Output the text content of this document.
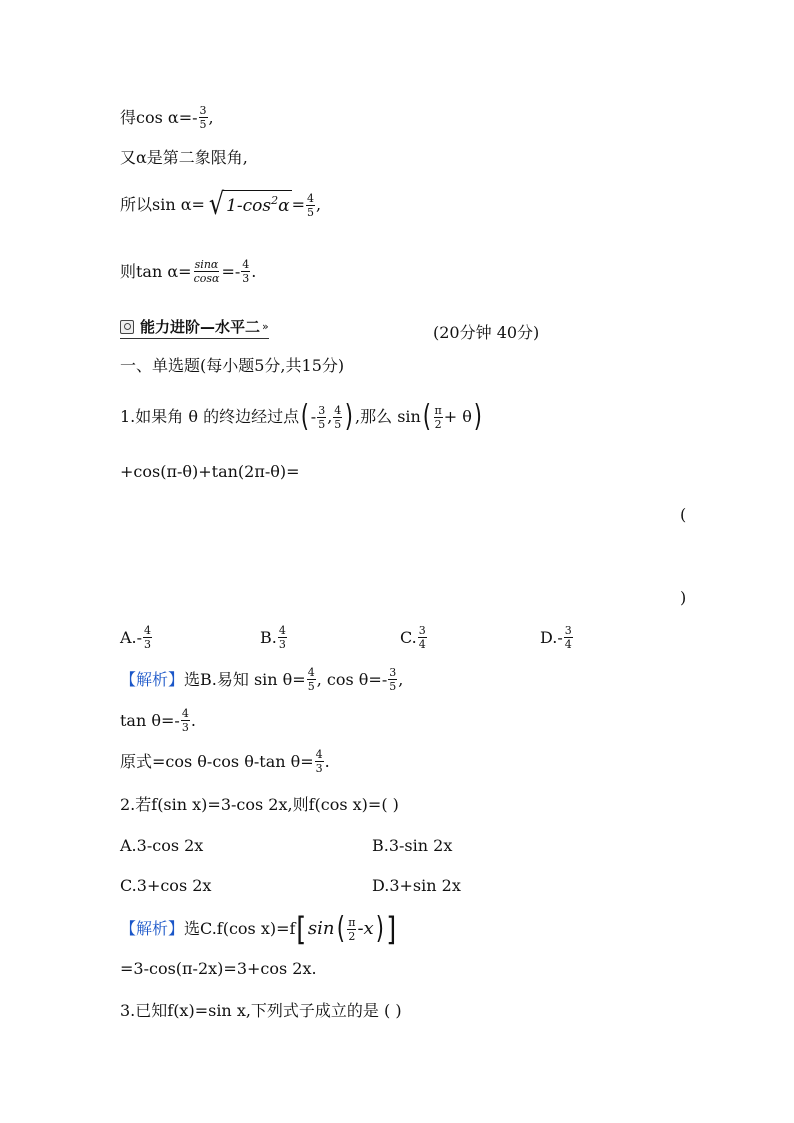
得$\cos \alpha= - \frac{3}{5}$ ,
又α是第二象限角,
所以sin α= √ 1-cos 2 $\alpha = \frac{4}{5}$ ,
则$\tan \alpha= \frac{\sin\alpha}{\cos\alpha} =- \frac{4}{3}$ .
能力进阶—水平二 »	(20分钟 40分)
一、单选题(每小题5分,共15分)
1.如果角 θ 的终边经过点 ( - $\frac{3}{5}$ , $\frac{4}{5}$ ) ,那么 sin ( $\frac{\pi}{2} + \theta$ )
+cos(π-θ)+tan(2π-θ)=
(
)
A. - $\frac{4}{3}$	B. $\frac{4}{3}$	C. $\frac{3}{4}$	D. - $\frac{3}{4}$
【解析】 选B.易知 $\sin \theta= \frac{4}{5}$ , $\cos \theta=- \frac{3}{5}$ ,
$\tan \theta=- \frac{4}{3}$ .
原式=cos θ-cos θ-tan $\theta= \frac{4}{3}$ .
2.若f(sin x)=3-cos 2x,则f(cos x)=( )
A.3-cos 2x	B.3-sin 2x
C.3+cos 2x	D.3+sin 2x
【解析】 选C.f(cos x)=f [ sin ( $\frac{\pi}{2} -x$ ) ]
=3-cos(π-2x)=3+cos 2x.
3.已知f(x)=sin x,下列式子成立的是 ( )
